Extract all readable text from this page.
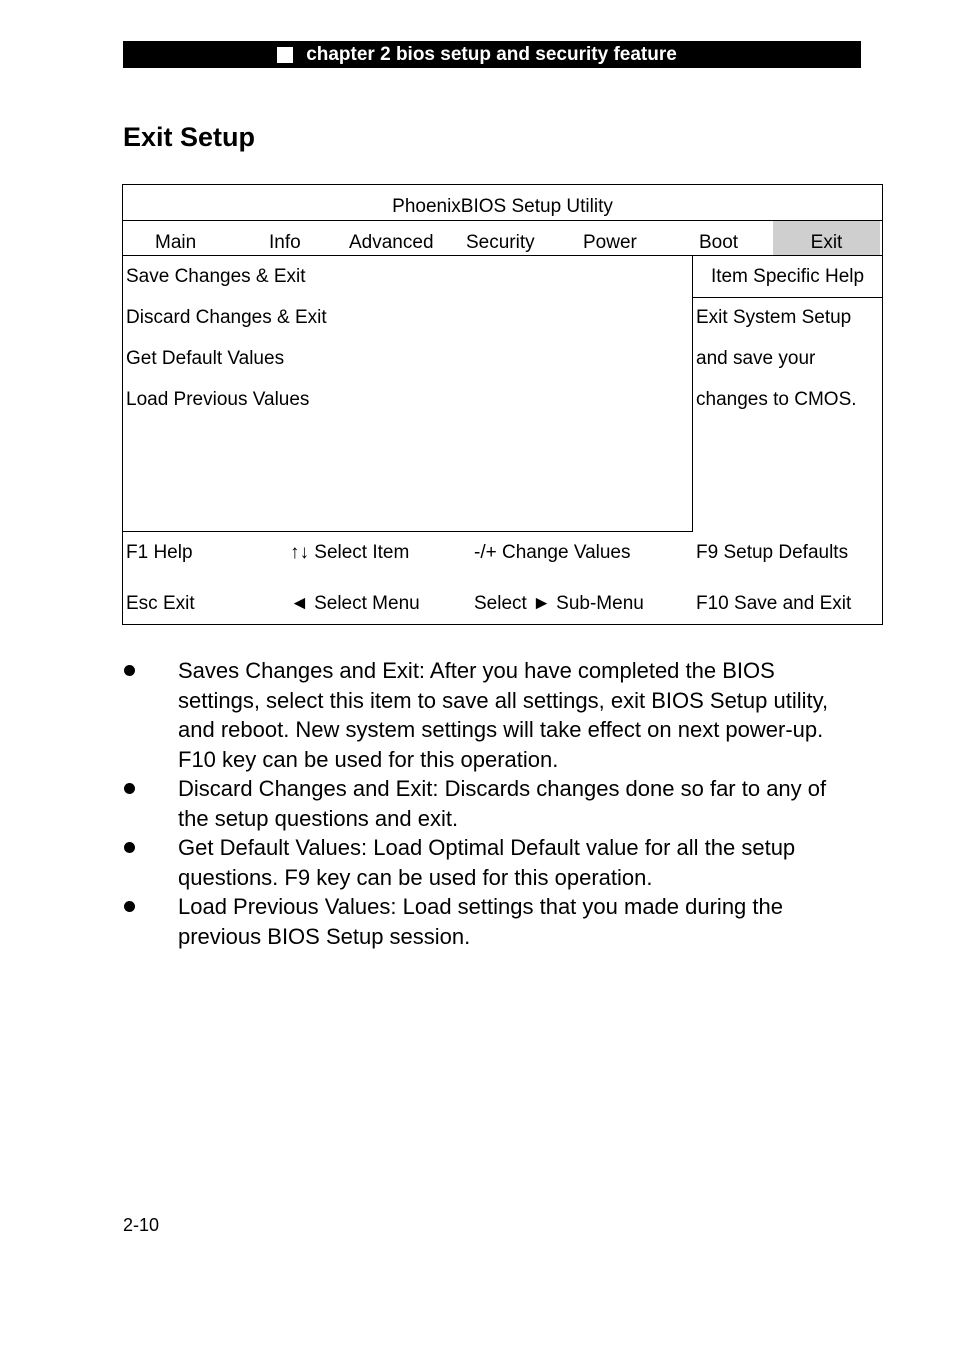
chapter 2 bios setup and security feature
Exit Setup
PhoenixBIOS Setup Utility
Main	Info	Advanced Security	Power	Boot	Exit
Save Changes & Exit
Discard Changes & Exit
Get Default Values
Load Previous Values
Item Specific Help
Exit System Setup
and save your
changes to CMOS.
F1 Help	↑↓ Select Item	-/+ Change Values	F9 Setup Defaults
Esc Exit	◄ Select Menu	Select ► Sub-Menu	F10 Save and Exit
Saves Changes and Exit: After you have completed the BIOS
settings, select this item to save all settings, exit BIOS Setup utility,
and reboot. New system settings will take effect on next power-up.
F10 key can be used for this operation.
Discard Changes and Exit: Discards changes done so far to any of
the setup questions and exit.
Get Default Values: Load Optimal Default value for all the setup
questions. F9 key can be used for this operation.
Load Previous Values: Load settings that you made during the
previous BIOS Setup session.
2-10
